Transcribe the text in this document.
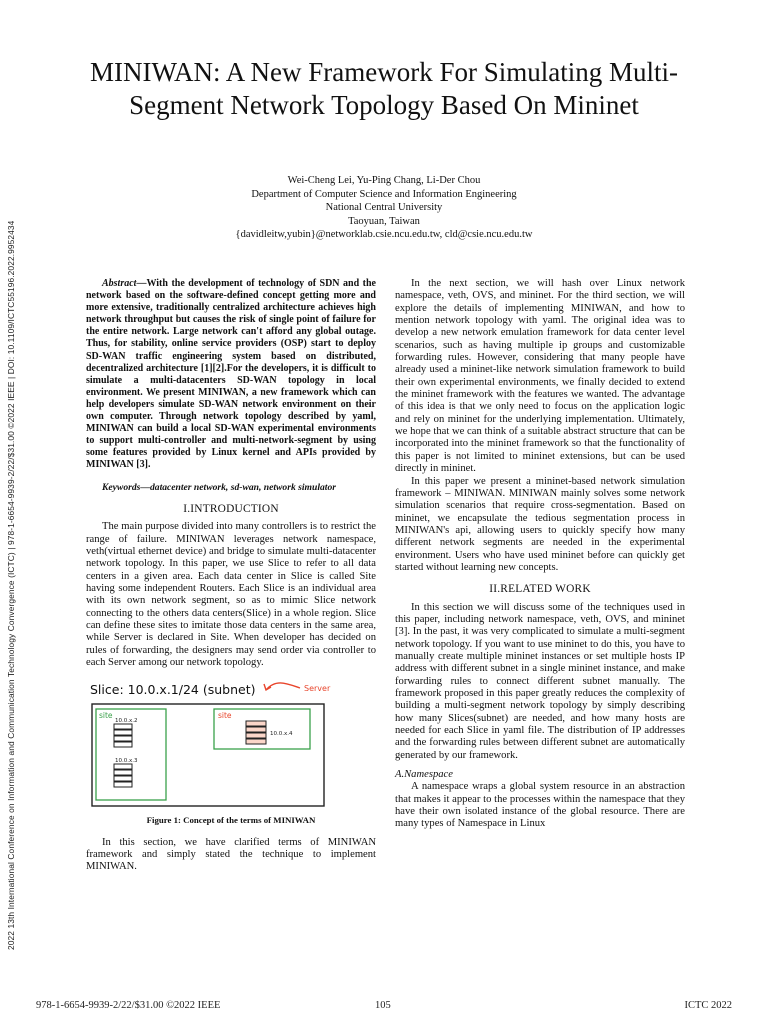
2022 13th International Conference on Information and Communication Technology Convergence (ICTC) | 978-1-6654-9939-2/22/$31.00 ©2022 IEEE | DOI: 10.1109/ICTC55196.2022.9952434
MINIWAN: A New Framework For Simulating Multi-Segment Network Topology Based On Mininet
Wei-Cheng Lei, Yu-Ping Chang, Li-Der Chou
Department of Computer Science and Information Engineering
National Central University
Taoyuan, Taiwan
{davidleitw,yubin}@networklab.csie.ncu.edu.tw, cld@csie.ncu.edu.tw

Abstract—With the development of technology of SDN and the network based on the software-defined concept getting more and more extensive, traditionally centralized architecture achieves high network throughput but causes the risk of single point of failure for the entire network. Large network can't afford any global outage. Thus, for stability, online service providers (OSP) start to deploy SD-WAN traffic engineering system based on distributed, decentralized architecture [1][2].For the developers, it is difficult to simulate a multi-datacenters SD-WAN topology in local environment. We present MINIWAN, a new framework which can help developers simulate SD-WAN network environment on their own computer. Through network topology described by yaml, MINIWAN can build a local SD-WAN experimental environments to support multi-controller and multi-network-segment by using some features provided by Linux kernel and APIs provided by MINIWAN [3].

Keywords—datacenter network, sd-wan, network simulator

I.INTRODUCTION

The main purpose divided into many controllers is to restrict the range of failure. MINIWAN leverages network namespace, veth(virtual ethernet device) and bridge to simulate multi-datacenter network topology. In this paper, we use Slice to refer to all data centers in a given area. Each data center in Slice is called Site having some independent Routers. Each Slice is an individual area with its own network segment, so as to mimic Slice network connecting to the others data centers(Slice) in a whole region. Slice can define these sites to imitate those data centers in the same area, while Server is declared in Site. When developer has decided on rules of forwarding, the designers may send order via controller to each Server among our network topology.

Slice: 10.0.x.1/24 (subnet)	Server
site	site
10.0.x.2
10.0.x.3
10.0.x.4

Figure 1: Concept of the terms of MINIWAN

In this section, we have clarified terms of MINIWAN framework and simply stated the technique to implement MINIWAN.

In the next section, we will hash over Linux network namespace, veth, OVS, and mininet. For the third section, we will explore the details of implementing MINIWAN, and how to mention network topology with yaml. The original idea was to develop a new network emulation framework for data center level scenarios, such as having multiple ip groups and customizable forwarding rules. However, considering that many people have already used a mininet-like network simulation framework to build their own experimental environments, we finally decided to extend the mininet framework with the features we wanted. The advantage of this idea is that we only need to focus on the application logic and rely on mininet for the underlying implementation. Ultimately, we hope that we can think of a suitable abstract structure that can be incorporated into the mininet framework so that the functionality of this paper is not limited to mininet extensions, but can be used directly in mininet.

In this paper we present a mininet-based network simulation framework – MINIWAN. MINIWAN mainly solves some network simulation scenarios that require cross-segmentation. Based on mininet, we encapsulate the tedious segmentation process in MINIWAN's api, allowing users to quickly specify how many different network segments are needed in the experimental environment. Users who have used mininet before can quickly get started without learning new concepts.

II.RELATED WORK

In this section we will discuss some of the techniques used in this paper, including network namespace, veth, OVS, and mininet [3]. In the past, it was very complicated to simulate a multi-segment network topology. If you want to use mininet to do this, you have to manually create multiple mininet instances or set multiple hosts IP address with different subnet in a single mininet instance, and make forwarding rules to connect different subnet manually. The framework proposed in this paper greatly reduces the complexity of building a multi-segment network topology by simply describing how many Slices(subnet) are needed, and how many hosts are needed for each Slice in yaml file. The distribution of IP addresses and the forwarding rules between different subnet are automatically generated by our framework.

A.Namespace

A namespace wraps a global system resource in an abstraction that makes it appear to the processes within the namespace that they have their own isolated instance of the global resource. There are many types of Namespace in Linux

978-1-6654-9939-2/22/$31.00 ©2022 IEEE	105	ICTC 2022
